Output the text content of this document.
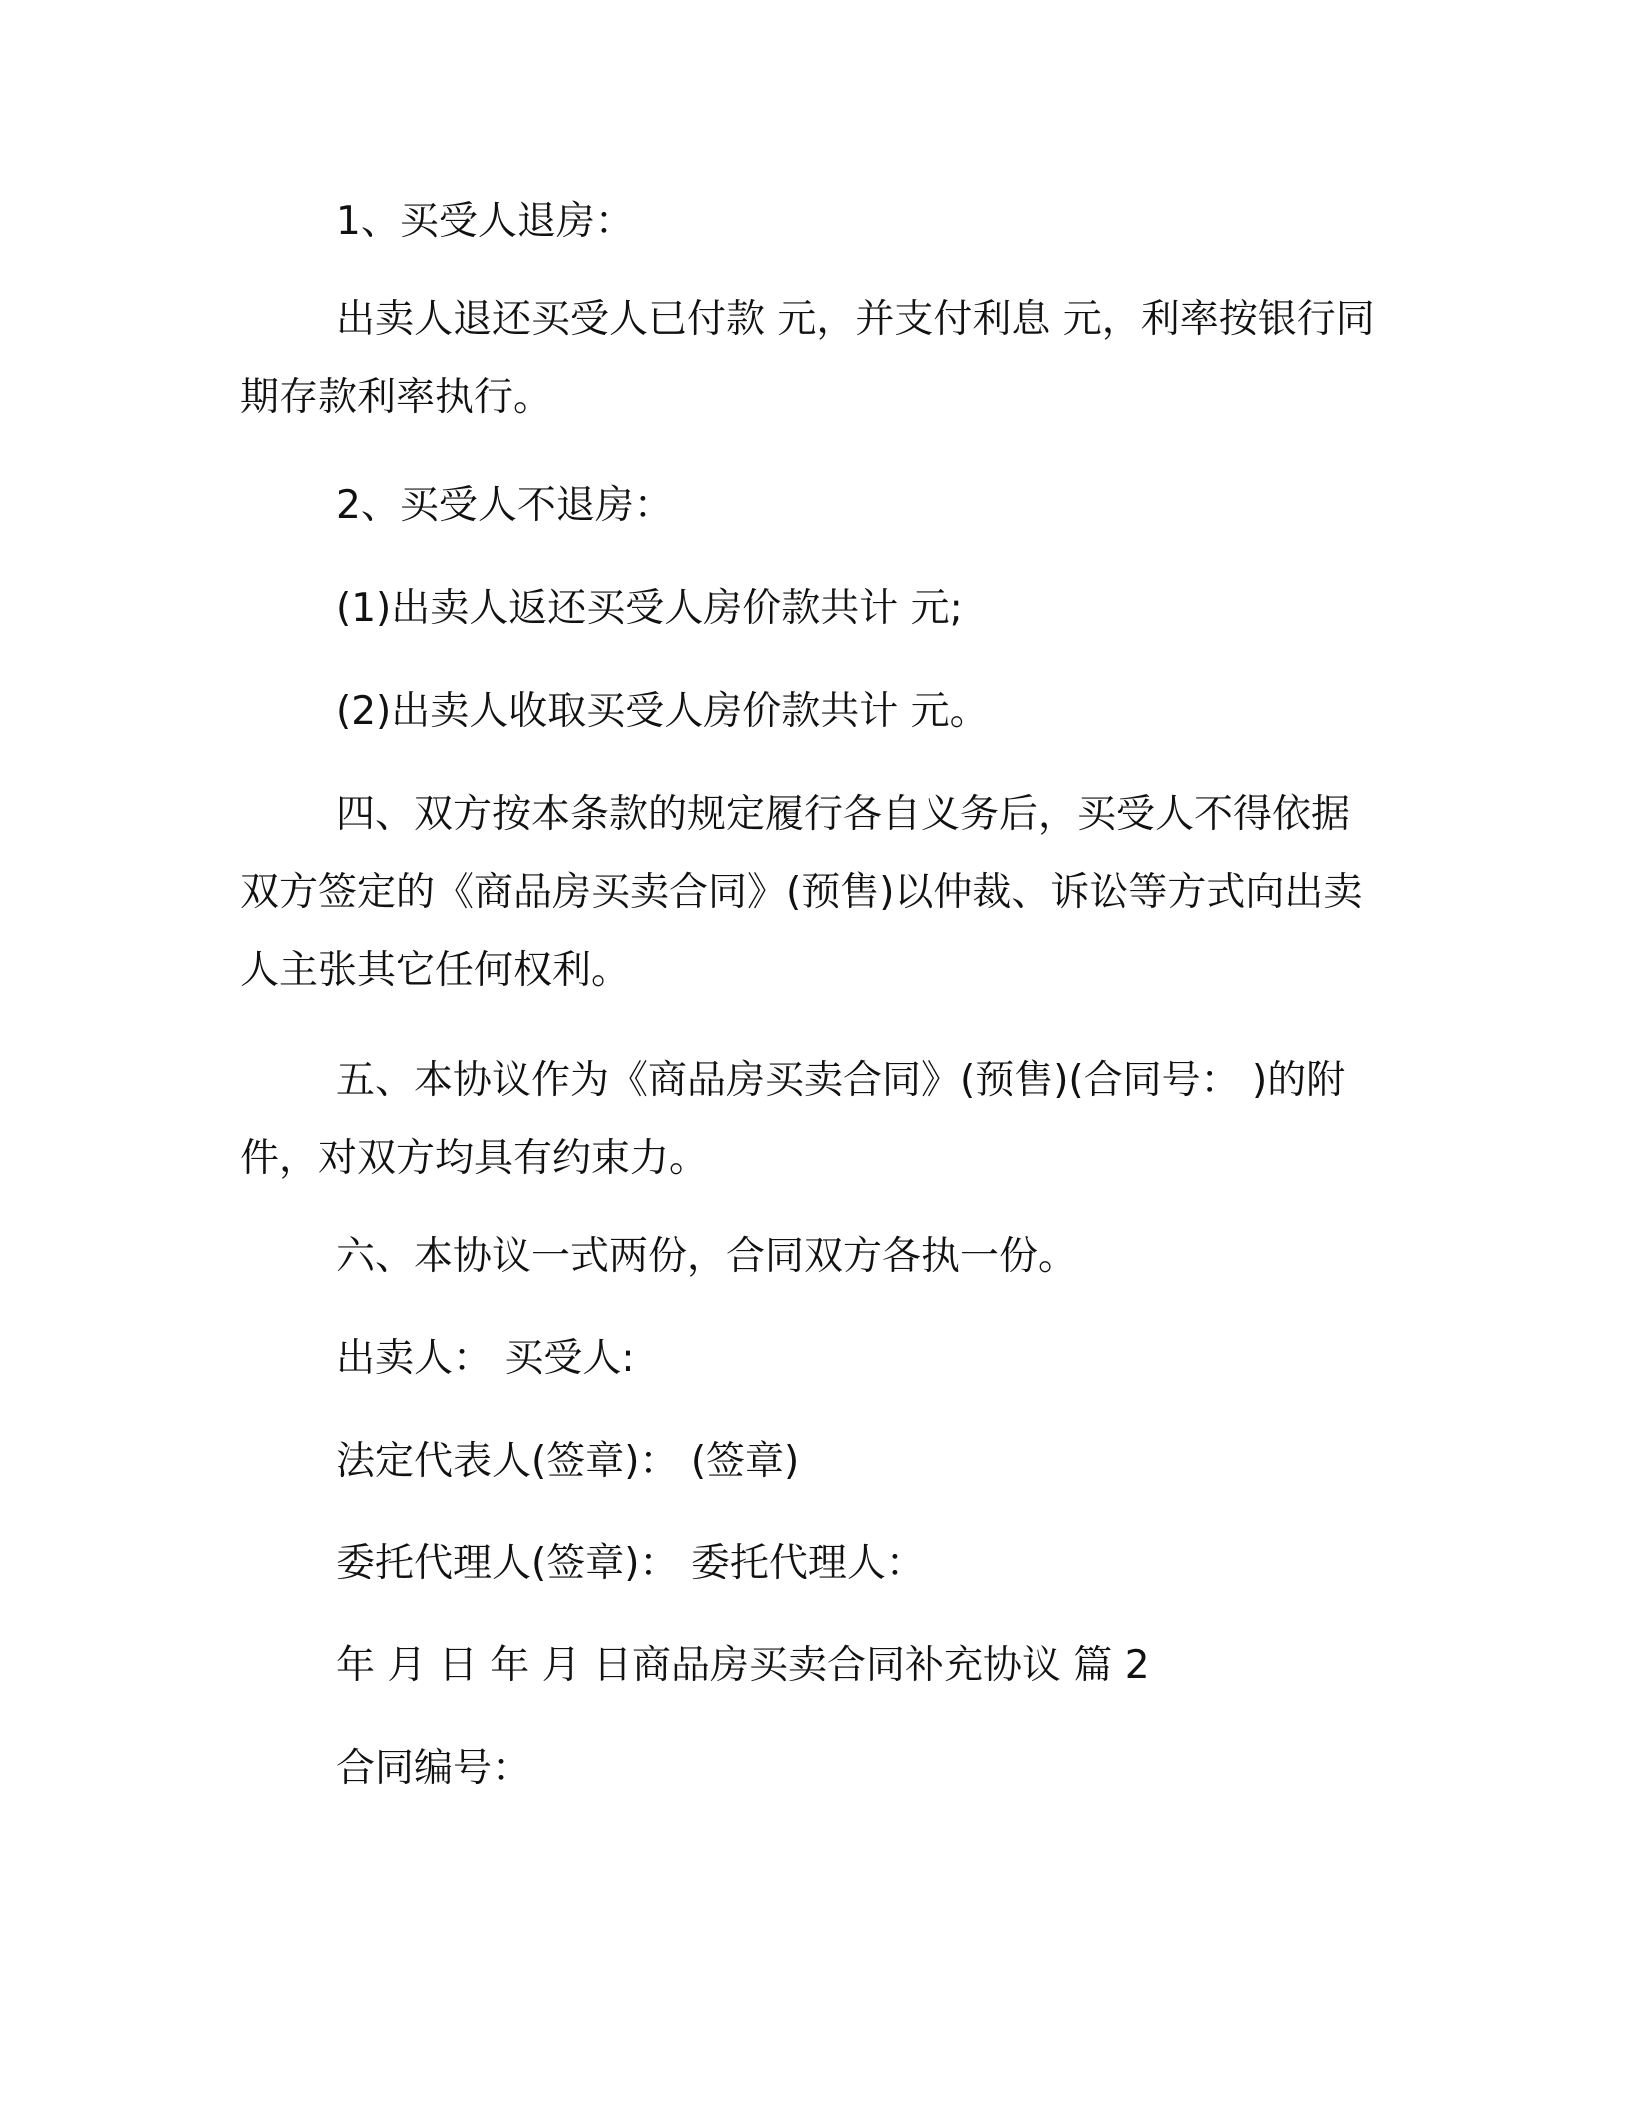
1、买受人退房：

出卖人退还买受人已付款 元，并支付利息 元，利率按银行同期存款利率执行。

2、买受人不退房：

(1)出卖人返还买受人房价款共计 元;

(2)出卖人收取买受人房价款共计 元。

四、双方按本条款的规定履行各自义务后，买受人不得依据双方签定的《商品房买卖合同》(预售)以仲裁、诉讼等方式向出卖人主张其它任何权利。

五、本协议作为《商品房买卖合同》(预售)(合同号： )的附件，对双方均具有约束力。

六、本协议一式两份，合同双方各执一份。

出卖人： 买受人:

法定代表人(签章)： (签章)

委托代理人(签章)： 委托代理人：

年 月 日 年 月 日商品房买卖合同补充协议 篇 2

合同编号：
